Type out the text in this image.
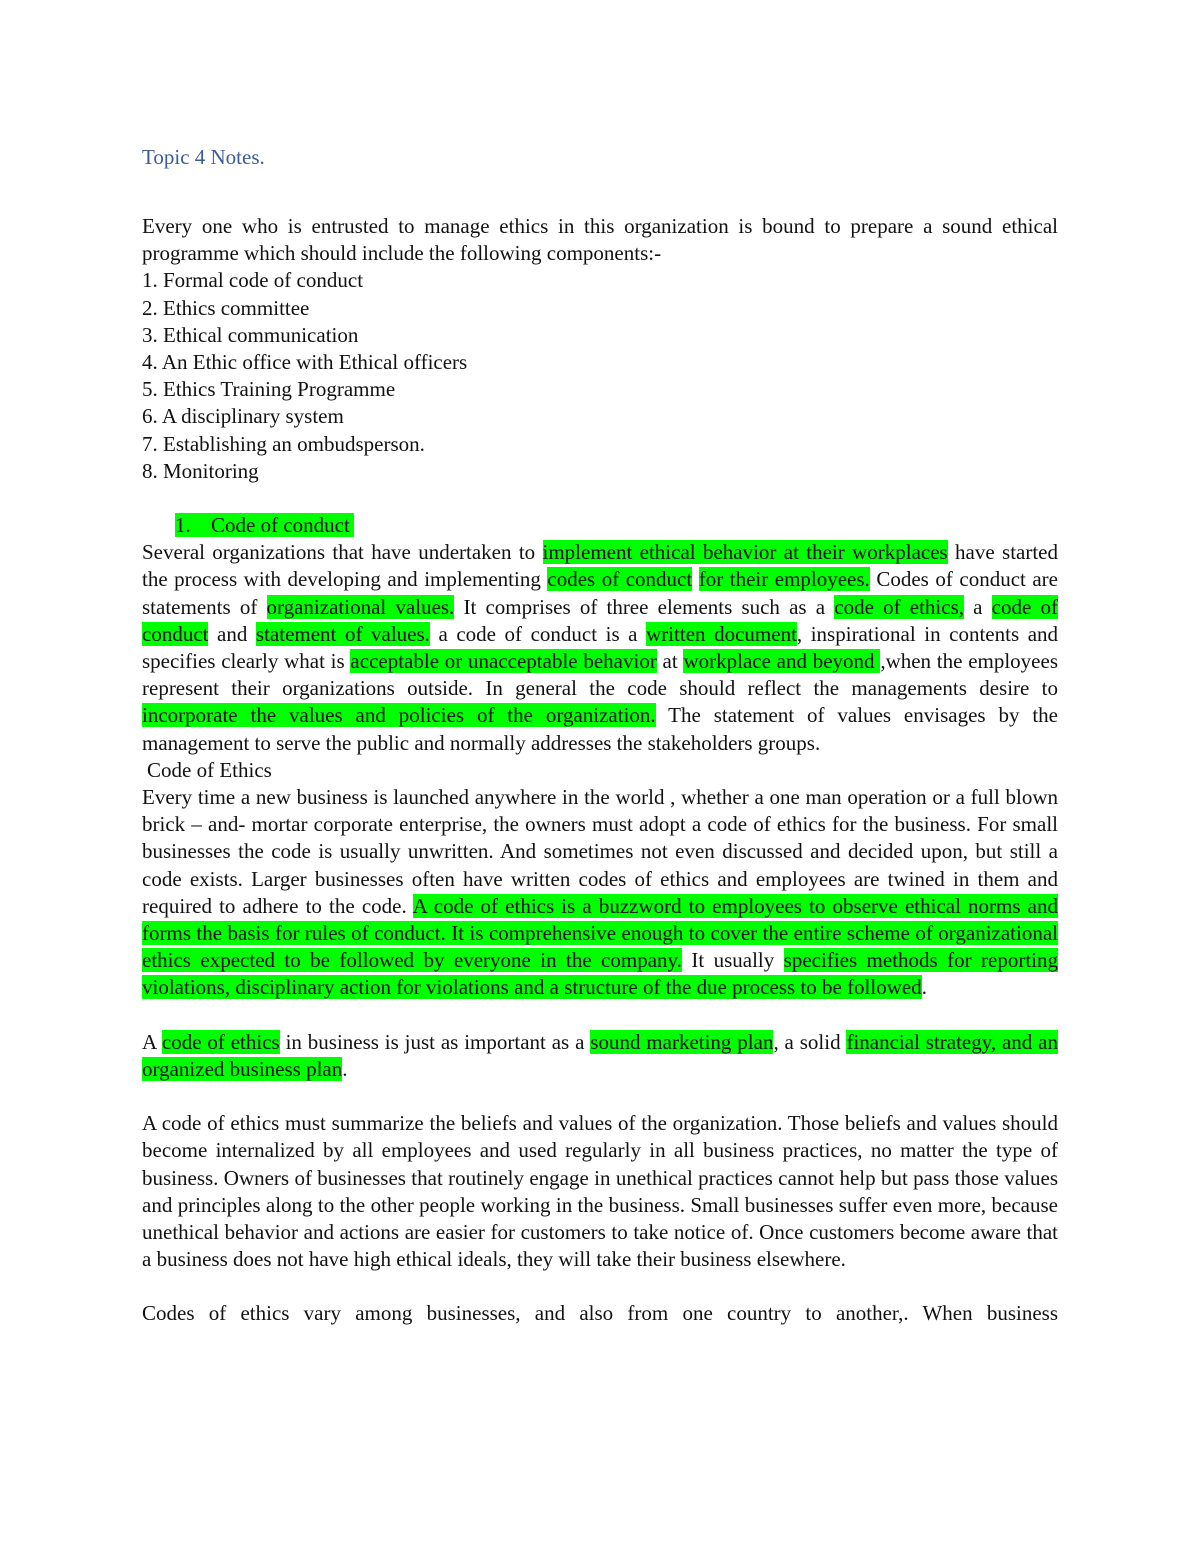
Topic 4 Notes.

Every one who is entrusted to manage ethics in this organization is bound to prepare a sound ethical programme which should include the following components:-

1. Formal code of conduct

2. Ethics committee

3. Ethical communication

4. An Ethic office with Ethical officers

5. Ethics Training Programme

6. A disciplinary system

7. Establishing an ombudsperson.

8. Monitoring

1. Code of conduct

Several organizations that have undertaken to implement ethical behavior at their workplaces have started the process with developing and implementing codes of conduct for their employees. Codes of conduct are statements of organizational values. It comprises of three elements such as a code of ethics, a code of conduct and statement of values. a code of conduct is a written document, inspirational in contents and specifies clearly what is acceptable or unacceptable behavior at workplace and beyond ,when the employees represent their organizations outside. In general the code should reflect the managements desire to incorporate the values and policies of the organization. The statement of values envisages by the management to serve the public and normally addresses the stakeholders groups.

Code of Ethics

Every time a new business is launched anywhere in the world , whether a one man operation or a full blown brick – and- mortar corporate enterprise, the owners must adopt a code of ethics for the business. For small businesses the code is usually unwritten. And sometimes not even discussed and decided upon, but still a code exists. Larger businesses often have written codes of ethics and employees are twined in them and required to adhere to the code. A code of ethics is a buzzword to employees to observe ethical norms and forms the basis for rules of conduct. It is comprehensive enough to cover the entire scheme of organizational ethics expected to be followed by everyone in the company. It usually specifies methods for reporting violations, disciplinary action for violations and a structure of the due process to be followed.

A code of ethics in business is just as important as a sound marketing plan, a solid financial strategy, and an organized business plan.

A code of ethics must summarize the beliefs and values of the organization. Those beliefs and values should become internalized by all employees and used regularly in all business practices, no matter the type of business. Owners of businesses that routinely engage in unethical practices cannot help but pass those values and principles along to the other people working in the business. Small businesses suffer even more, because unethical behavior and actions are easier for customers to take notice of. Once customers become aware that a business does not have high ethical ideals, they will take their business elsewhere.

Codes of ethics vary among businesses, and also from one country to another,. When business
